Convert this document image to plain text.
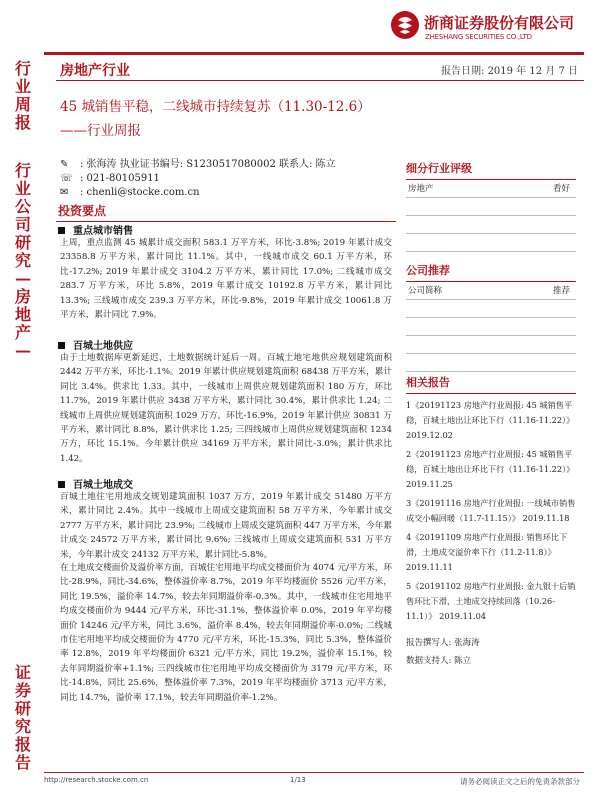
浙商证券股份有限公司
ZHESHANG SECURITIES CO.,LTD
行
业
周
报
行
业
公
司
研
究
—
房
地
产
—
证
券
研
究
报
告
房地产行业	报告日期: 2019 年 12 月 7 日
45 城销售平稳，二线城市持续复苏（11.30-12.6）
——行业周报
✎ : 张海涛 执业证书编号: S1230517080002 联系人: 陈立
☏ : 021-80105911
✉ : chenli@stocke.com.cn
投资要点
重点城市销售
上周，重点监测 45 城累计成交面积 583.1 万平方米，环比-3.8%; 2019 年累计成交 23358.8 万平方米，累计同比 11.1%。其中，一线城市成交 60.1 万平方米，环比-17.2%; 2019 年累计成交 3104.2 万平方米，累计同比 17.0%; 二线城市成交 283.7 万平方米，环比 5.8%，2019 年累计成交 10192.8 万平方米，累计同比 13.3%; 三线城市成交 239.3 万平方米，环比-9.8%，2019 年累计成交 10061.8 万平方米，累计同比 7.9%。
百城土地供应
由于土地数据库更新延迟，土地数据统计延后一周。百城土地宅地供应规划建筑面积 2442 万平方米，环比-1.1%。2019 年累计供应规划建筑面积 68438 万平方米，累计同比 3.4%。供求比 1.33。其中，一线城市上周供应规划建筑面积 180 万方，环比 11.7%，2019 年累计供应 3438 万平方米，累计同比 30.4%，累计供求比 1.24; 二线城市上周供应规划建筑面积 1029 万方，环比-16.9%，2019 年累计供应 30831 万平方米，累计同比 8.8%，累计供求比 1.25; 三四线城市上周供应规划建筑面积 1234 万方，环比 15.1%。今年累计供应 34169 万平方米，累计同比-3.0%，累计供求比 1.42。
百城土地成交
百城土地住宅用地成交规划建筑面积 1037 万方，2019 年累计成交 51480 万平方米，累计同比 2.4%。其中一线城市上周成交建筑面积 58 万平方米，今年累计成交 2777 万平方米，累计同比 23.9%; 二线城市上周成交建筑面积 447 万平方米，今年累计成交 24572 万平方米，累计同比 9.6%; 三线城市上周成交建筑面积 531 万平方米，今年累计成交 24132 万平方米，累计同比-5.8%。
在土地成交楼面价及溢价率方面，百城住宅用地平均成交楼面价为 4074 元/平方米，环比-28.9%，同比-34.6%，整体溢价率 8.7%，2019 年平均楼面价 5526 元/平方米，同比 19.5%，溢价率 14.7%，较去年同期溢价率-0.3%。其中，一线城市住宅用地平均成交楼面价为 9444 元/平方米，环比-31.1%，整体溢价率 0.0%，2019 年平均楼面价 14246 元/平方米，同比 3.6%，溢价率 8.4%，较去年同期溢价率-0.0%; 二线城市住宅用地平均成交楼面价为 4770 元/平方米，环比-15.3%，同比 5.3%，整体溢价率 12.8%，2019 年平均楼面价 6321 元/平方米，同比 19.2%，溢价率 15.1%，较去年同期溢价率+1.1%; 三四线城市住宅用地平均成交楼面价为 3179 元/平方米，环比-14.8%，同比 25.6%，整体溢价率 7.3%，2019 年平均楼面价 3713 元/平方米，同比 14.7%，溢价率 17.1%，较去年同期溢价率-1.2%。
细分行业评级
房地产	看好
公司推荐
公司简称	推荐
相关报告
1《20191123 房地产行业周报: 45 城销售平稳，百城土地出让环比下行（11.16-11.22）》 2019.12.02
2《20191123 房地产行业周报: 45 城销售平稳，百城土地出让环比下行（11.16-11.22）》 2019.11.25
3《20191116 房地产行业周报: 一线城市销售成交小幅回暖（11.7-11.15）》 2019.11.18
4《20191109 房地产行业周报: 销售环比下滑，土地成交溢价率下行（11.2-11.8）》 2019.11.11
5《20191102 房地产行业周报: 金九银十后销售环比下滑，土地成交持续回落（10.26-11.1）》 2019.11.04
报告撰写人: 张海涛
数据支持人: 陈立
http://research.stocke.com.cn	1/13	请务必阅读正文之后的免责条款部分
